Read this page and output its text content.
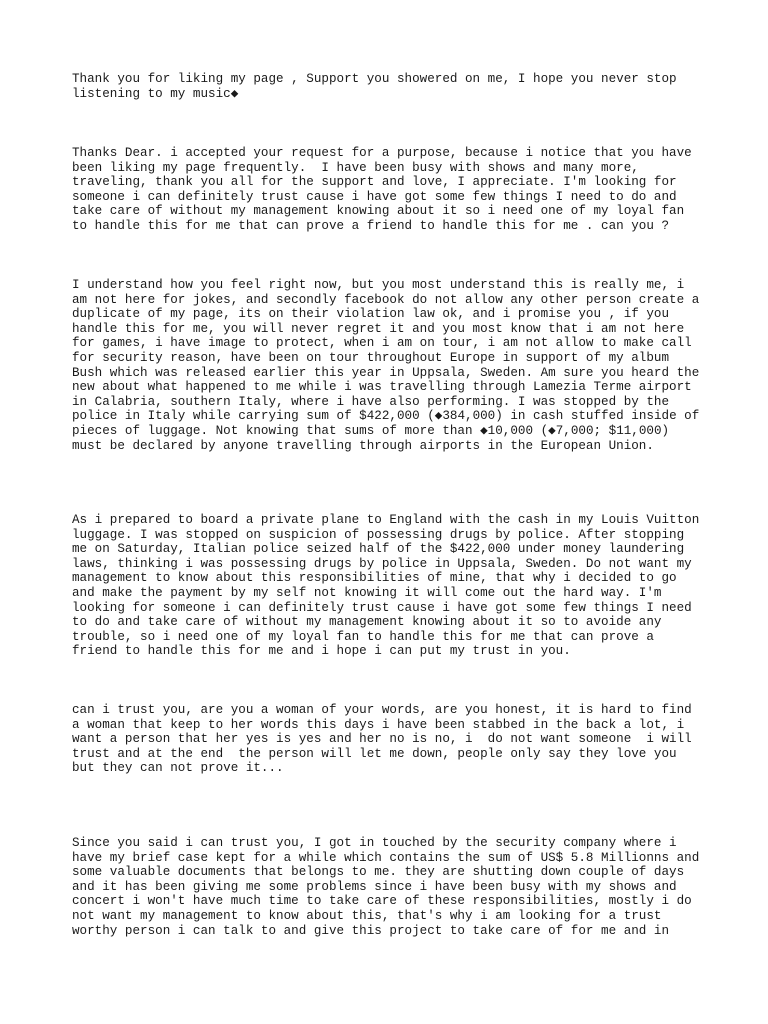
Thank you for liking my page , Support you showered on me, I hope you never stop
listening to my music◆

Thanks Dear. i accepted your request for a purpose, because i notice that you have
been liking my page frequently.  I have been busy with shows and many more,
traveling, thank you all for the support and love, I appreciate. I'm looking for
someone i can definitely trust cause i have got some few things I need to do and
take care of without my management knowing about it so i need one of my loyal fan
to handle this for me that can prove a friend to handle this for me . can you ?

I understand how you feel right now, but you most understand this is really me, i
am not here for jokes, and secondly facebook do not allow any other person create a
duplicate of my page, its on their violation law ok, and i promise you , if you
handle this for me, you will never regret it and you most know that i am not here
for games, i have image to protect, when i am on tour, i am not allow to make call
for security reason, have been on tour throughout Europe in support of my album
Bush which was released earlier this year in Uppsala, Sweden. Am sure you heard the
new about what happened to me while i was travelling through Lamezia Terme airport
in Calabria, southern Italy, where i have also performing. I was stopped by the
police in Italy while carrying sum of $422,000 (◆384,000) in cash stuffed inside of
pieces of luggage. Not knowing that sums of more than ◆10,000 (◆7,000; $11,000)
must be declared by anyone travelling through airports in the European Union.

As i prepared to board a private plane to England with the cash in my Louis Vuitton
luggage. I was stopped on suspicion of possessing drugs by police. After stopping
me on Saturday, Italian police seized half of the $422,000 under money laundering
laws, thinking i was possessing drugs by police in Uppsala, Sweden. Do not want my
management to know about this responsibilities of mine, that why i decided to go
and make the payment by my self not knowing it will come out the hard way. I'm
looking for someone i can definitely trust cause i have got some few things I need
to do and take care of without my management knowing about it so to avoide any
trouble, so i need one of my loyal fan to handle this for me that can prove a
friend to handle this for me and i hope i can put my trust in you.

can i trust you, are you a woman of your words, are you honest, it is hard to find
a woman that keep to her words this days i have been stabbed in the back a lot, i
want a person that her yes is yes and her no is no, i  do not want someone  i will
trust and at the end  the person will let me down, people only say they love you
but they can not prove it...

Since you said i can trust you, I got in touched by the security company where i
have my brief case kept for a while which contains the sum of US$ 5.8 Millionns and
some valuable documents that belongs to me. they are shutting down couple of days
and it has been giving me some problems since i have been busy with my shows and
concert i won't have much time to take care of these responsibilities, mostly i do
not want my management to know about this, that's why i am looking for a trust
worthy person i can talk to and give this project to take care of for me and in
